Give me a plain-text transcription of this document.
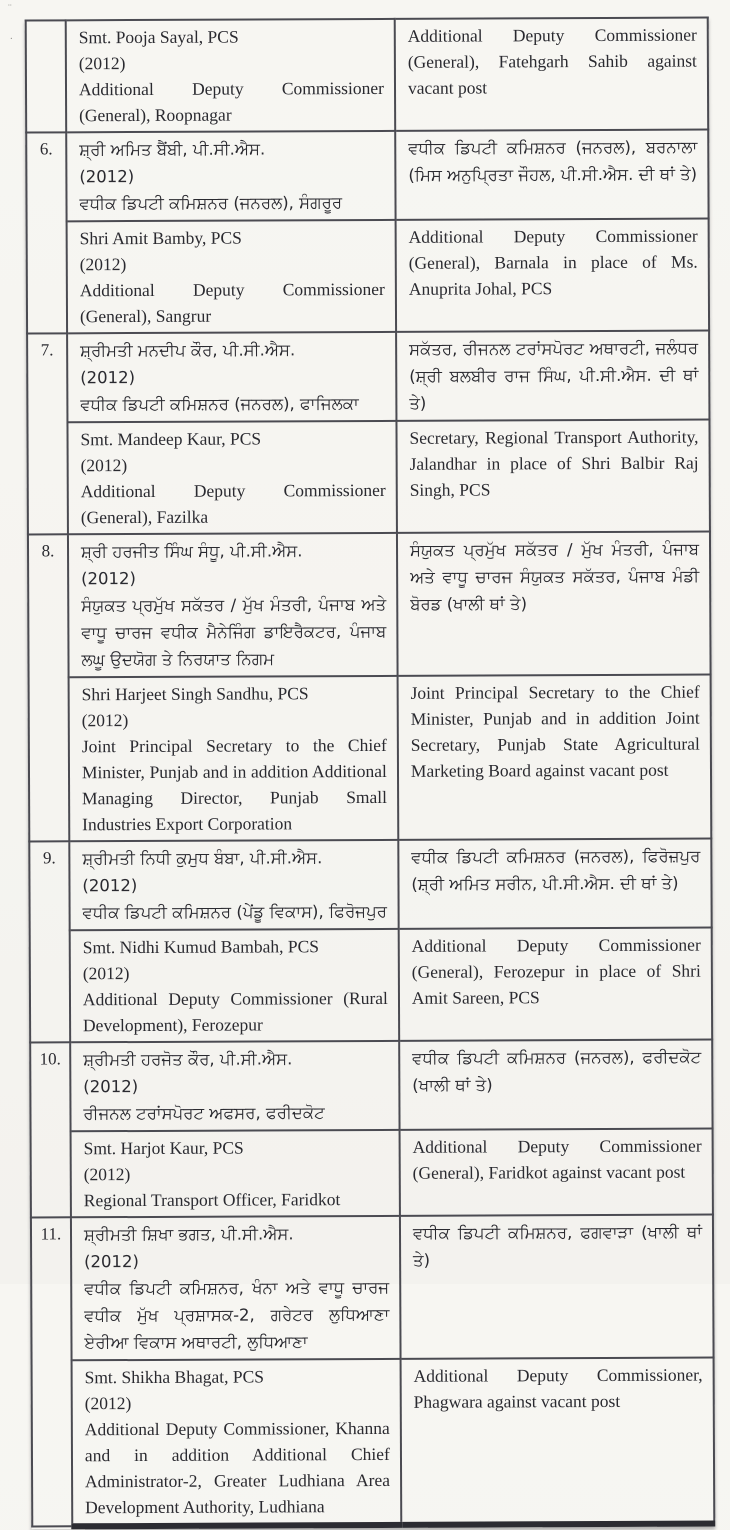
¨
.

	Smt. Pooja Sayal, PCS
(2012)
Additional Deputy Commissioner (General), Roopnagar	Additional Deputy Commissioner (General), Fatehgarh Sahib against vacant post

6.	ਸ਼੍ਰੀ ਅਮਿਤ ਬੈਂਬੀ, ਪੀ.ਸੀ.ਐਸ.
(2012)
ਵਧੀਕ ਡਿਪਟੀ ਕਮਿਸ਼ਨਰ (ਜਨਰਲ), ਸੰਗਰੂਰ	ਵਧੀਕ ਡਿਪਟੀ ਕਮਿਸ਼ਨਰ (ਜਨਰਲ), ਬਰਨਾਲਾ (ਮਿਸ ਅਨੁਪ੍ਰਿਤਾ ਜੌਹਲ, ਪੀ.ਸੀ.ਐਸ. ਦੀ ਥਾਂ ਤੇ)

	Shri Amit Bamby, PCS
(2012)
Additional Deputy Commissioner (General), Sangrur	Additional Deputy Commissioner (General), Barnala in place of Ms. Anuprita Johal, PCS

7.	ਸ਼੍ਰੀਮਤੀ ਮਨਦੀਪ ਕੌਰ, ਪੀ.ਸੀ.ਐਸ.
(2012)
ਵਧੀਕ ਡਿਪਟੀ ਕਮਿਸ਼ਨਰ (ਜਨਰਲ), ਫਾਜਿਲਕਾ	ਸਕੱਤਰ, ਰੀਜਨਲ ਟਰਾਂਸਪੋਰਟ ਅਥਾਰਟੀ, ਜਲੰਧਰ (ਸ਼੍ਰੀ ਬਲਬੀਰ ਰਾਜ ਸਿੰਘ, ਪੀ.ਸੀ.ਐਸ. ਦੀ ਥਾਂ ਤੇ)

	Smt. Mandeep Kaur, PCS
(2012)
Additional Deputy Commissioner (General), Fazilka	Secretary, Regional Transport Authority, Jalandhar in place of Shri Balbir Raj Singh, PCS

8.	ਸ਼੍ਰੀ ਹਰਜੀਤ ਸਿੰਘ ਸੰਧੂ, ਪੀ.ਸੀ.ਐਸ.
(2012)
ਸੰਯੁਕਤ ਪ੍ਰਮੁੱਖ ਸਕੱਤਰ / ਮੁੱਖ ਮੰਤਰੀ, ਪੰਜਾਬ ਅਤੇ ਵਾਧੂ ਚਾਰਜ ਵਧੀਕ ਮੈਨੇਜਿੰਗ ਡਾਇਰੈਕਟਰ, ਪੰਜਾਬ ਲਘੂ ਉਦਯੋਗ ਤੇ ਨਿਰਯਾਤ ਨਿਗਮ	ਸੰਯੁਕਤ ਪ੍ਰਮੁੱਖ ਸਕੱਤਰ / ਮੁੱਖ ਮੰਤਰੀ, ਪੰਜਾਬ ਅਤੇ ਵਾਧੂ ਚਾਰਜ ਸੰਯੁਕਤ ਸਕੱਤਰ, ਪੰਜਾਬ ਮੰਡੀ ਬੋਰਡ (ਖਾਲੀ ਥਾਂ ਤੇ)

	Shri Harjeet Singh Sandhu, PCS
(2012)
Joint Principal Secretary to the Chief Minister, Punjab and in addition Additional Managing Director, Punjab Small Industries Export Corporation	Joint Principal Secretary to the Chief Minister, Punjab and in addition Joint Secretary, Punjab State Agricultural Marketing Board against vacant post

9.	ਸ਼੍ਰੀਮਤੀ ਨਿਧੀ ਕੁਮੁਧ ਬੰਬਾ, ਪੀ.ਸੀ.ਐਸ.
(2012)
ਵਧੀਕ ਡਿਪਟੀ ਕਮਿਸ਼ਨਰ (ਪੇਂਡੂ ਵਿਕਾਸ), ਫਿਰੋਜਪੁਰ	ਵਧੀਕ ਡਿਪਟੀ ਕਮਿਸ਼ਨਰ (ਜਨਰਲ), ਫਿਰੋਜ਼ਪੁਰ (ਸ਼੍ਰੀ ਅਮਿਤ ਸਰੀਨ, ਪੀ.ਸੀ.ਐਸ. ਦੀ ਥਾਂ ਤੇ)

	Smt. Nidhi Kumud Bambah, PCS
(2012)
Additional Deputy Commissioner (Rural Development), Ferozepur	Additional Deputy Commissioner (General), Ferozepur in place of Shri Amit Sareen, PCS

10.	ਸ਼੍ਰੀਮਤੀ ਹਰਜੋਤ ਕੌਰ, ਪੀ.ਸੀ.ਐਸ.
(2012)
ਰੀਜਨਲ ਟਰਾਂਸਪੋਰਟ ਅਫਸਰ, ਫਰੀਦਕੋਟ	ਵਧੀਕ ਡਿਪਟੀ ਕਮਿਸ਼ਨਰ (ਜਨਰਲ), ਫਰੀਦਕੋਟ (ਖਾਲੀ ਥਾਂ ਤੇ)

	Smt. Harjot Kaur, PCS
(2012)
Regional Transport Officer, Faridkot	Additional Deputy Commissioner (General), Faridkot against vacant post

11.	ਸ਼੍ਰੀਮਤੀ ਸ਼ਿਖਾ ਭਗਤ, ਪੀ.ਸੀ.ਐਸ.
(2012)
ਵਧੀਕ ਡਿਪਟੀ ਕਮਿਸ਼ਨਰ, ਖੰਨਾ ਅਤੇ ਵਾਧੂ ਚਾਰਜ ਵਧੀਕ ਮੁੱਖ ਪ੍ਰਸ਼ਾਸਕ-2, ਗਰੇਟਰ ਲੁਧਿਆਣਾ ਏਰੀਆ ਵਿਕਾਸ ਅਥਾਰਟੀ, ਲੁਧਿਆਣਾ	ਵਧੀਕ ਡਿਪਟੀ ਕਮਿਸ਼ਨਰ, ਫਗਵਾੜਾ (ਖਾਲੀ ਥਾਂ ਤੇ)

	Smt. Shikha Bhagat, PCS
(2012)
Additional Deputy Commissioner, Khanna and in addition Additional Chief Administrator-2, Greater Ludhiana Area Development Authority, Ludhiana	Additional Deputy Commissioner, Phagwara against vacant post
